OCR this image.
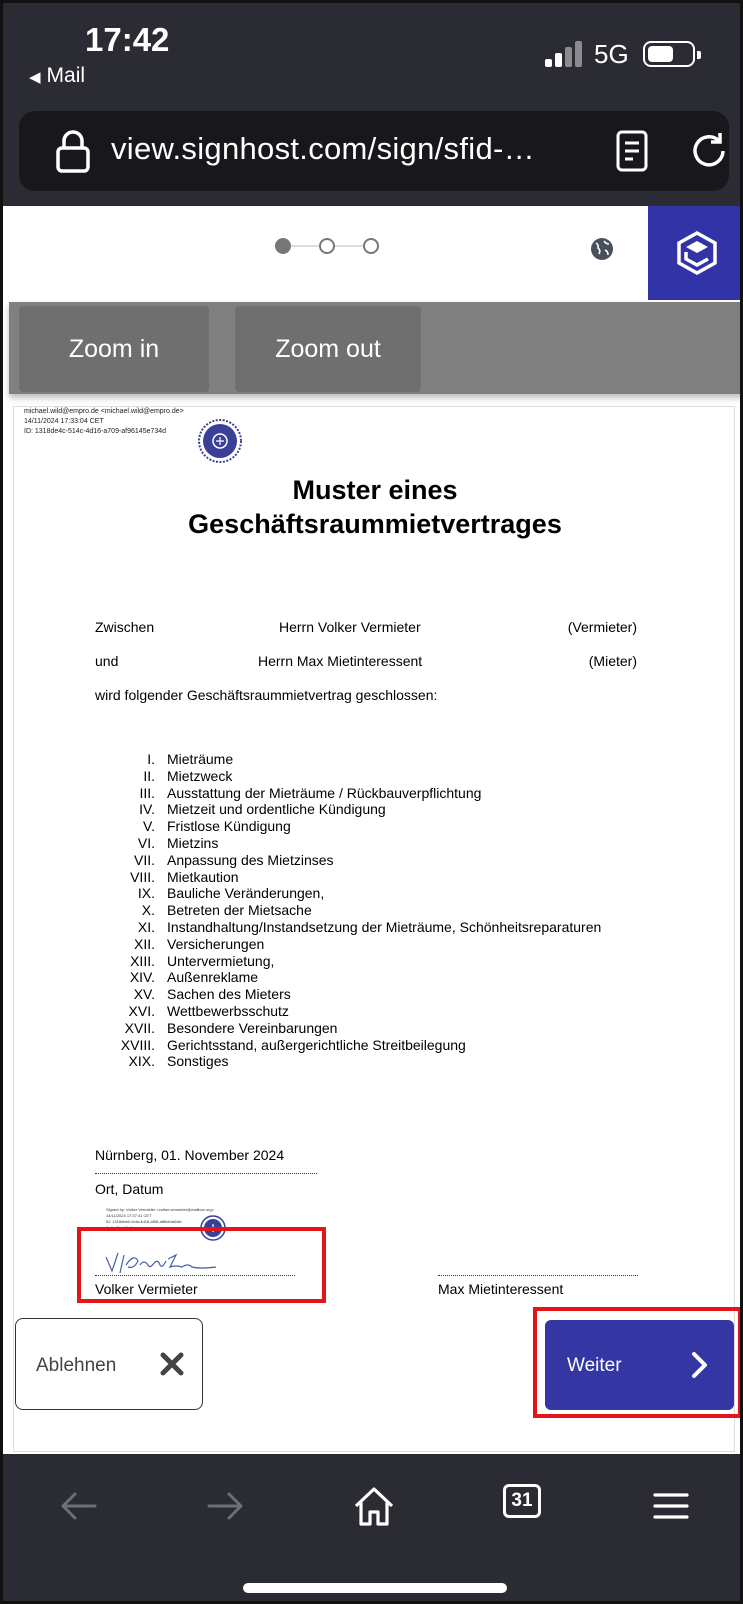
17:42
◀ Mail
5G
view.signhost.com/sign/sfid-…
Zoom in	Zoom out
michael.wild@empro.de <michael.wild@empro.de>
14/11/2024 17:33:04 CET
ID: 1318de4c-514c-4d16-a709-af96145e734d
Muster eines
Geschäftsraummietvertrages
Zwischen	Herrn Volker Vermieter	(Vermieter)
und	Herrn Max Mietinteressent	(Mieter)
wird folgender Geschäftsraummietvertrag geschlossen:
I. Mieträume
II. Mietzweck
III. Ausstattung der Mieträume / Rückbauverpflichtung
IV. Mietzeit und ordentliche Kündigung
V. Fristlose Kündigung
VI. Mietzins
VII. Anpassung des Mietzinses
VIII. Mietkaution
IX. Bauliche Veränderungen,
X. Betreten der Mietsache
XI. Instandhaltung/Instandsetzung der Mieträume, Schönheitsreparaturen
XII. Versicherungen
XIII. Untervermietung,
XIV. Außenreklame
XV. Sachen des Mieters
XVI. Wettbewerbsschutz
XVII. Besondere Vereinbarungen
XVIII. Gerichtsstand, außergerichtliche Streitbeilegung
XIX. Sonstiges
Nürnberg, 01. November 2024
Ort, Datum
Signed by: Volker Vermieter <volker.vermieter@mailbox.org>
14/11/2024 17:37:41 CET
ID: 1318deb0-6cfa-4d16-af58-af8fcfdaf2ab
Auth: SmsMail
Volker Vermieter	Max Mietinteressent
Ablehnen	Weiter
31
